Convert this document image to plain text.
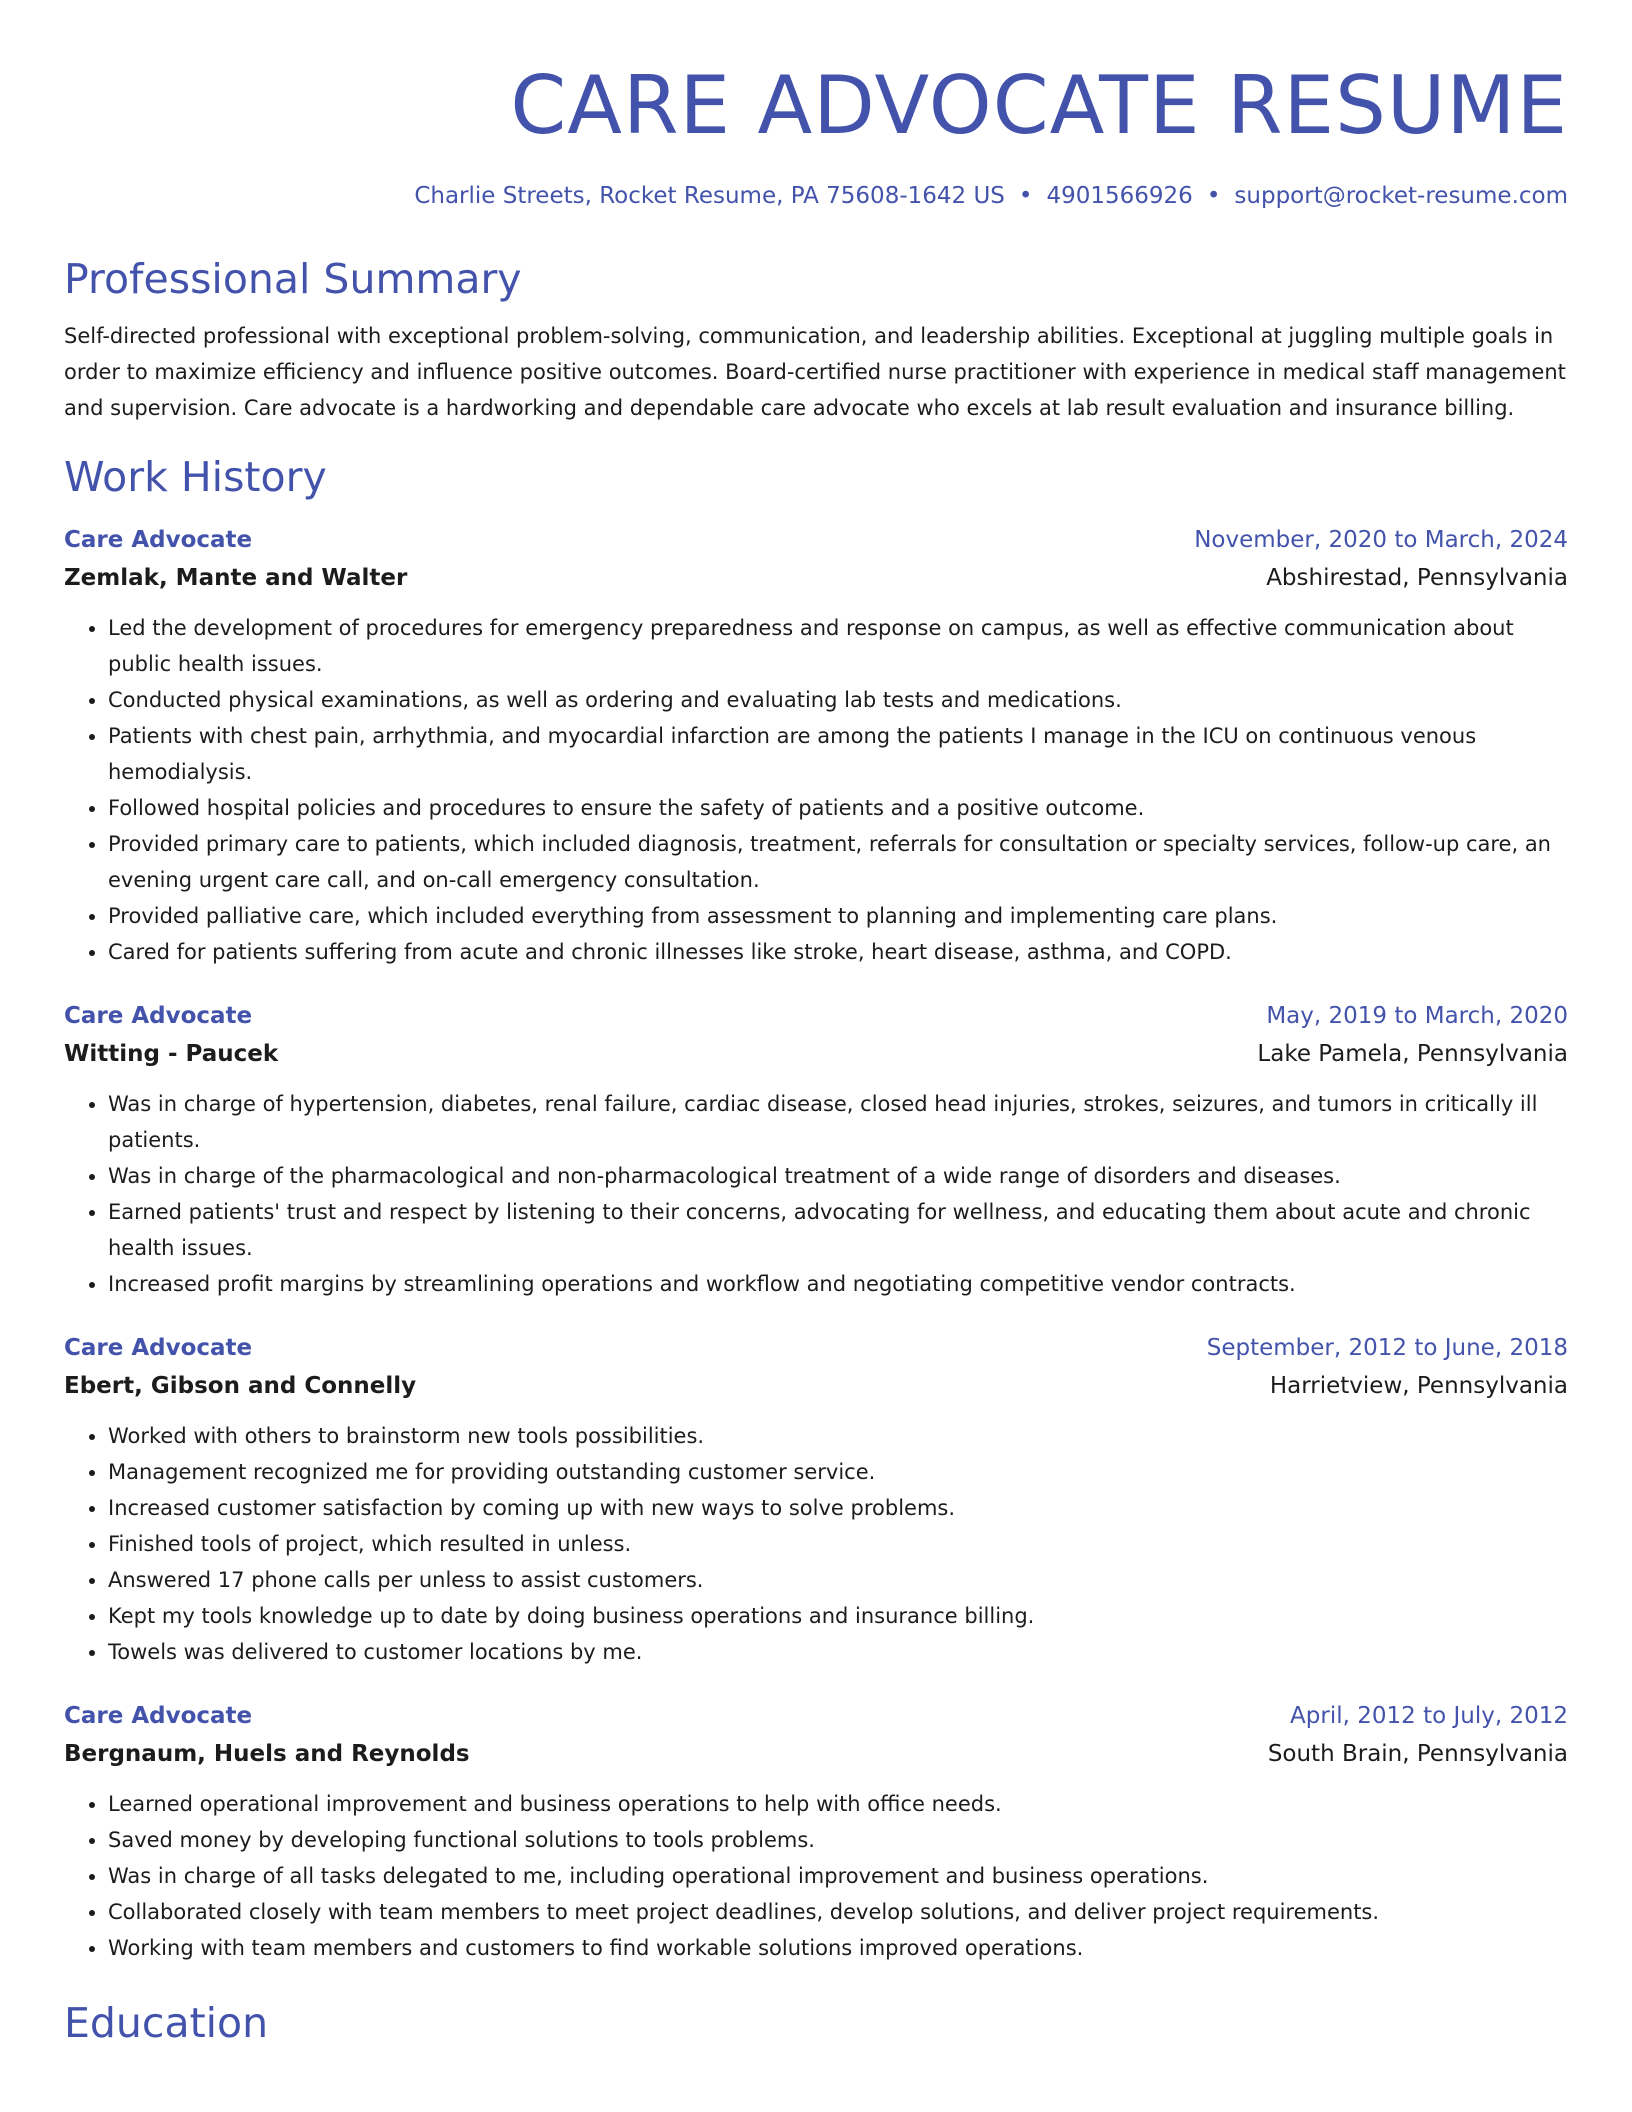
CARE ADVOCATE RESUME
Charlie Streets, Rocket Resume, PA 75608-1642 US • 4901566926 • support@rocket-resume.com
Professional Summary
Self-directed professional with exceptional problem-solving, communication, and leadership abilities. Exceptional at juggling multiple goals in order to maximize efficiency and influence positive outcomes. Board-certified nurse practitioner with experience in medical staff management and supervision. Care advocate is a hardworking and dependable care advocate who excels at lab result evaluation and insurance billing.
Work History
Care Advocate	November, 2020 to March, 2024
Zemlak, Mante and Walter	Abshirestad, Pennsylvania
• Led the development of procedures for emergency preparedness and response on campus, as well as effective communication about public health issues.
• Conducted physical examinations, as well as ordering and evaluating lab tests and medications.
• Patients with chest pain, arrhythmia, and myocardial infarction are among the patients I manage in the ICU on continuous venous hemodialysis.
• Followed hospital policies and procedures to ensure the safety of patients and a positive outcome.
• Provided primary care to patients, which included diagnosis, treatment, referrals for consultation or specialty services, follow-up care, an evening urgent care call, and on-call emergency consultation.
• Provided palliative care, which included everything from assessment to planning and implementing care plans.
• Cared for patients suffering from acute and chronic illnesses like stroke, heart disease, asthma, and COPD.
Care Advocate	May, 2019 to March, 2020
Witting - Paucek	Lake Pamela, Pennsylvania
• Was in charge of hypertension, diabetes, renal failure, cardiac disease, closed head injuries, strokes, seizures, and tumors in critically ill patients.
• Was in charge of the pharmacological and non-pharmacological treatment of a wide range of disorders and diseases.
• Earned patients' trust and respect by listening to their concerns, advocating for wellness, and educating them about acute and chronic health issues.
• Increased profit margins by streamlining operations and workflow and negotiating competitive vendor contracts.
Care Advocate	September, 2012 to June, 2018
Ebert, Gibson and Connelly	Harrietview, Pennsylvania
• Worked with others to brainstorm new tools possibilities.
• Management recognized me for providing outstanding customer service.
• Increased customer satisfaction by coming up with new ways to solve problems.
• Finished tools of project, which resulted in unless.
• Answered 17 phone calls per unless to assist customers.
• Kept my tools knowledge up to date by doing business operations and insurance billing.
• Towels was delivered to customer locations by me.
Care Advocate	April, 2012 to July, 2012
Bergnaum, Huels and Reynolds	South Brain, Pennsylvania
• Learned operational improvement and business operations to help with office needs.
• Saved money by developing functional solutions to tools problems.
• Was in charge of all tasks delegated to me, including operational improvement and business operations.
• Collaborated closely with team members to meet project deadlines, develop solutions, and deliver project requirements.
• Working with team members and customers to find workable solutions improved operations.
Education
